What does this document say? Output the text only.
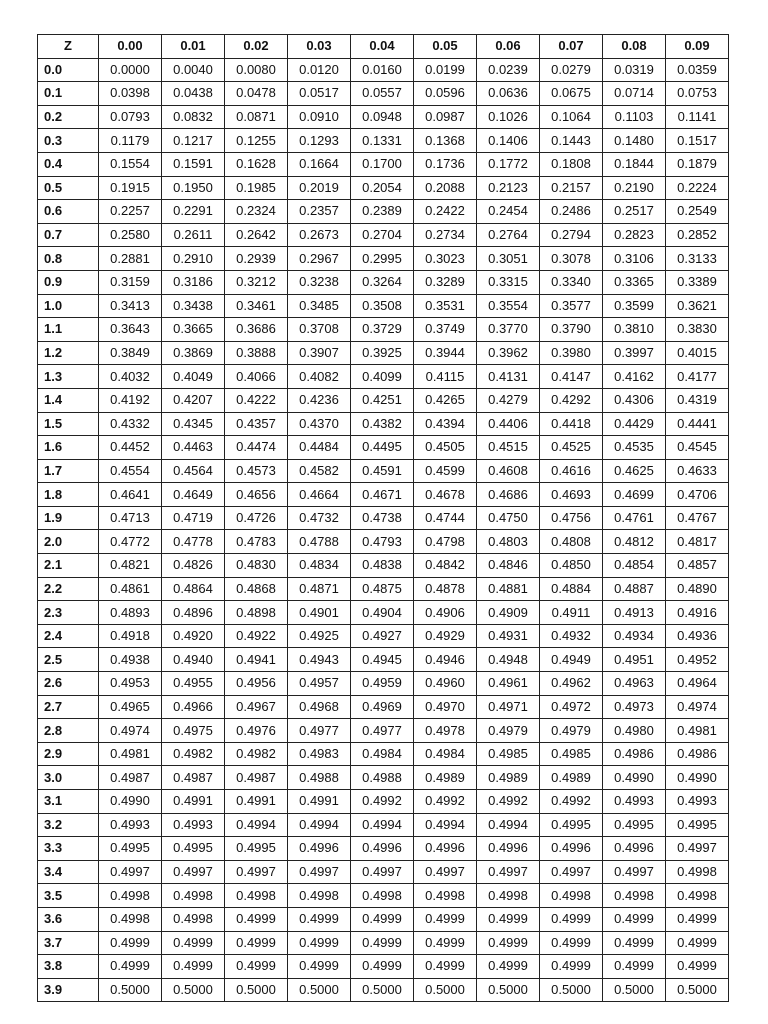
Z	0.00	0.01	0.02	0.03	0.04	0.05	0.06	0.07	0.08	0.09
0.0	0.0000	0.0040	0.0080	0.0120	0.0160	0.0199	0.0239	0.0279	0.0319	0.0359
0.1	0.0398	0.0438	0.0478	0.0517	0.0557	0.0596	0.0636	0.0675	0.0714	0.0753
0.2	0.0793	0.0832	0.0871	0.0910	0.0948	0.0987	0.1026	0.1064	0.1103	0.1141
0.3	0.1179	0.1217	0.1255	0.1293	0.1331	0.1368	0.1406	0.1443	0.1480	0.1517
0.4	0.1554	0.1591	0.1628	0.1664	0.1700	0.1736	0.1772	0.1808	0.1844	0.1879
0.5	0.1915	0.1950	0.1985	0.2019	0.2054	0.2088	0.2123	0.2157	0.2190	0.2224
0.6	0.2257	0.2291	0.2324	0.2357	0.2389	0.2422	0.2454	0.2486	0.2517	0.2549
0.7	0.2580	0.2611	0.2642	0.2673	0.2704	0.2734	0.2764	0.2794	0.2823	0.2852
0.8	0.2881	0.2910	0.2939	0.2967	0.2995	0.3023	0.3051	0.3078	0.3106	0.3133
0.9	0.3159	0.3186	0.3212	0.3238	0.3264	0.3289	0.3315	0.3340	0.3365	0.3389
1.0	0.3413	0.3438	0.3461	0.3485	0.3508	0.3531	0.3554	0.3577	0.3599	0.3621
1.1	0.3643	0.3665	0.3686	0.3708	0.3729	0.3749	0.3770	0.3790	0.3810	0.3830
1.2	0.3849	0.3869	0.3888	0.3907	0.3925	0.3944	0.3962	0.3980	0.3997	0.4015
1.3	0.4032	0.4049	0.4066	0.4082	0.4099	0.4115	0.4131	0.4147	0.4162	0.4177
1.4	0.4192	0.4207	0.4222	0.4236	0.4251	0.4265	0.4279	0.4292	0.4306	0.4319
1.5	0.4332	0.4345	0.4357	0.4370	0.4382	0.4394	0.4406	0.4418	0.4429	0.4441
1.6	0.4452	0.4463	0.4474	0.4484	0.4495	0.4505	0.4515	0.4525	0.4535	0.4545
1.7	0.4554	0.4564	0.4573	0.4582	0.4591	0.4599	0.4608	0.4616	0.4625	0.4633
1.8	0.4641	0.4649	0.4656	0.4664	0.4671	0.4678	0.4686	0.4693	0.4699	0.4706
1.9	0.4713	0.4719	0.4726	0.4732	0.4738	0.4744	0.4750	0.4756	0.4761	0.4767
2.0	0.4772	0.4778	0.4783	0.4788	0.4793	0.4798	0.4803	0.4808	0.4812	0.4817
2.1	0.4821	0.4826	0.4830	0.4834	0.4838	0.4842	0.4846	0.4850	0.4854	0.4857
2.2	0.4861	0.4864	0.4868	0.4871	0.4875	0.4878	0.4881	0.4884	0.4887	0.4890
2.3	0.4893	0.4896	0.4898	0.4901	0.4904	0.4906	0.4909	0.4911	0.4913	0.4916
2.4	0.4918	0.4920	0.4922	0.4925	0.4927	0.4929	0.4931	0.4932	0.4934	0.4936
2.5	0.4938	0.4940	0.4941	0.4943	0.4945	0.4946	0.4948	0.4949	0.4951	0.4952
2.6	0.4953	0.4955	0.4956	0.4957	0.4959	0.4960	0.4961	0.4962	0.4963	0.4964
2.7	0.4965	0.4966	0.4967	0.4968	0.4969	0.4970	0.4971	0.4972	0.4973	0.4974
2.8	0.4974	0.4975	0.4976	0.4977	0.4977	0.4978	0.4979	0.4979	0.4980	0.4981
2.9	0.4981	0.4982	0.4982	0.4983	0.4984	0.4984	0.4985	0.4985	0.4986	0.4986
3.0	0.4987	0.4987	0.4987	0.4988	0.4988	0.4989	0.4989	0.4989	0.4990	0.4990
3.1	0.4990	0.4991	0.4991	0.4991	0.4992	0.4992	0.4992	0.4992	0.4993	0.4993
3.2	0.4993	0.4993	0.4994	0.4994	0.4994	0.4994	0.4994	0.4995	0.4995	0.4995
3.3	0.4995	0.4995	0.4995	0.4996	0.4996	0.4996	0.4996	0.4996	0.4996	0.4997
3.4	0.4997	0.4997	0.4997	0.4997	0.4997	0.4997	0.4997	0.4997	0.4997	0.4998
3.5	0.4998	0.4998	0.4998	0.4998	0.4998	0.4998	0.4998	0.4998	0.4998	0.4998
3.6	0.4998	0.4998	0.4999	0.4999	0.4999	0.4999	0.4999	0.4999	0.4999	0.4999
3.7	0.4999	0.4999	0.4999	0.4999	0.4999	0.4999	0.4999	0.4999	0.4999	0.4999
3.8	0.4999	0.4999	0.4999	0.4999	0.4999	0.4999	0.4999	0.4999	0.4999	0.4999
3.9	0.5000	0.5000	0.5000	0.5000	0.5000	0.5000	0.5000	0.5000	0.5000	0.5000
